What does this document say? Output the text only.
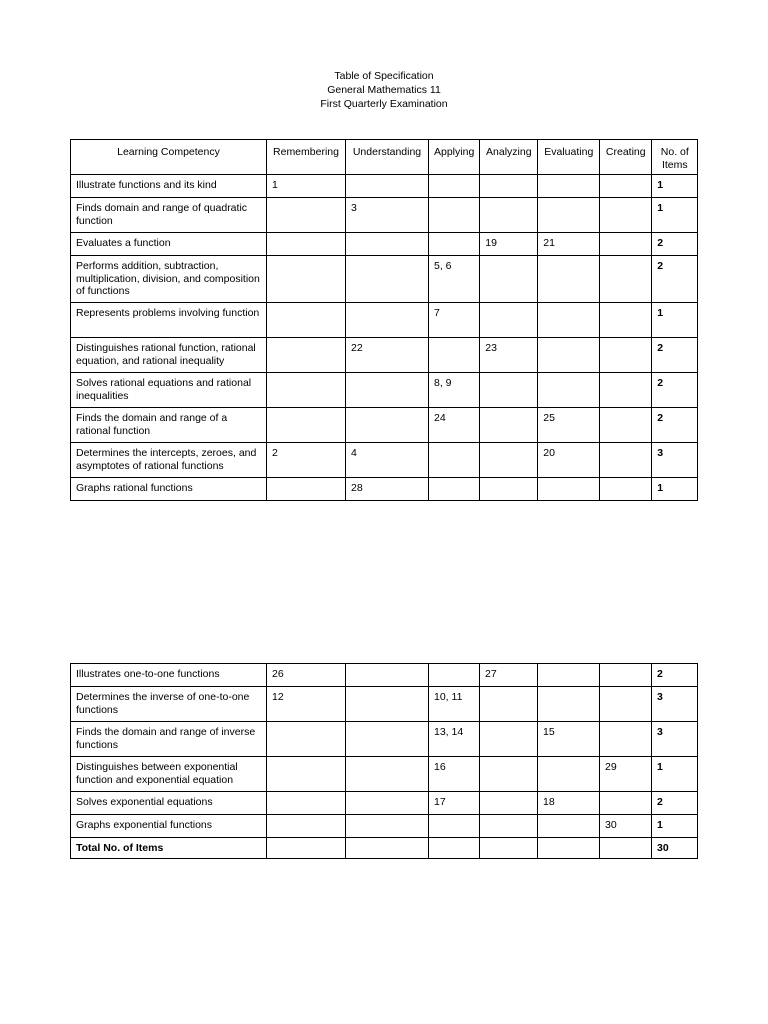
Table of Specification
General Mathematics 11
First Quarterly Examination
Learning Competency	Remembering	Understanding	Applying	Analyzing	Evaluating	Creating	No. of Items
Illustrate functions and its kind	1						1
Finds domain and range of quadratic function		3					1
Evaluates a function				19	21		2
Performs addition, subtraction, multiplication, division, and composition of functions			5, 6				2
Represents problems involving function			7				1
Distinguishes rational function, rational equation, and rational inequality		22		23			2
Solves rational equations and rational inequalities			8, 9				2
Finds the domain and range of a rational function			24		25		2
Determines the intercepts, zeroes, and asymptotes of rational functions	2	4			20		3
Graphs rational functions		28					1
Illustrates one-to-one functions	26			27			2
Determines the inverse of one-to-one functions	12		10, 11				3
Finds the domain and range of inverse functions			13, 14		15		3
Distinguishes between exponential function and exponential equation			16			29	1
Solves exponential equations			17		18		2
Graphs exponential functions						30	1
Total No. of Items							30
